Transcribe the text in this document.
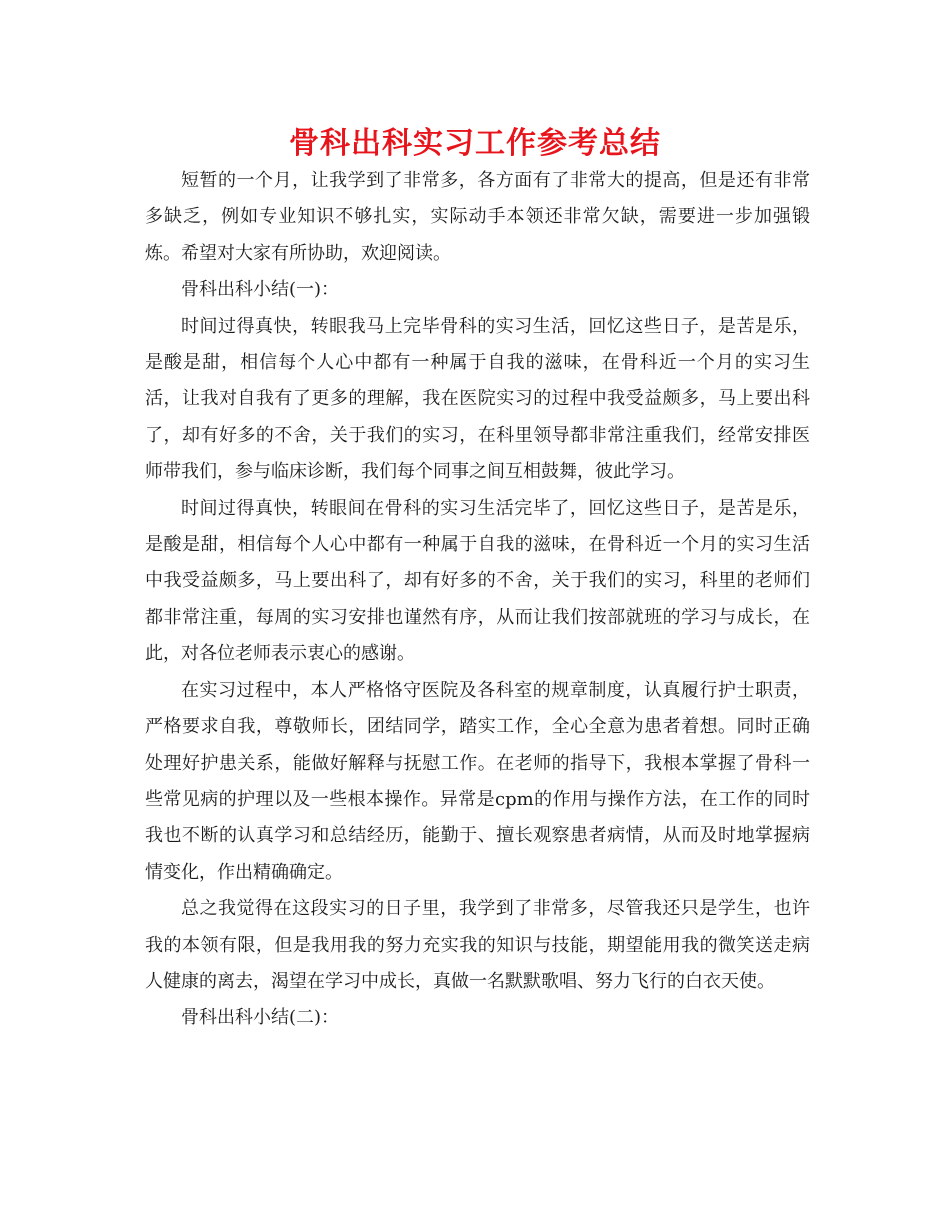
骨科出科实习工作参考总结

短暂的一个月，让我学到了非常多，各方面有了非常大的提高，但是还有非常多缺乏，例如专业知识不够扎实，实际动手本领还非常欠缺，需要进一步加强锻炼。希望对大家有所协助，欢迎阅读。

骨科出科小结(一)：

时间过得真快，转眼我马上完毕骨科的实习生活，回忆这些日子，是苦是乐，是酸是甜，相信每个人心中都有一种属于自我的滋味，在骨科近一个月的实习生活，让我对自我有了更多的理解，我在医院实习的过程中我受益颇多，马上要出科了，却有好多的不舍，关于我们的实习，在科里领导都非常注重我们，经常安排医师带我们，参与临床诊断，我们每个同事之间互相鼓舞，彼此学习。

时间过得真快，转眼间在骨科的实习生活完毕了，回忆这些日子，是苦是乐，是酸是甜，相信每个人心中都有一种属于自我的滋味，在骨科近一个月的实习生活中我受益颇多，马上要出科了，却有好多的不舍，关于我们的实习，科里的老师们都非常注重，每周的实习安排也谨然有序，从而让我们按部就班的学习与成长，在此，对各位老师表示衷心的感谢。

在实习过程中，本人严格恪守医院及各科室的规章制度，认真履行护士职责，严格要求自我，尊敬师长，团结同学，踏实工作，全心全意为患者着想。同时正确处理好护患关系，能做好解释与抚慰工作。在老师的指导下，我根本掌握了骨科一些常见病的护理以及一些根本操作。异常是cpm的作用与操作方法，在工作的同时我也不断的认真学习和总结经历，能勤于、擅长观察患者病情，从而及时地掌握病情变化，作出精确确定。

总之我觉得在这段实习的日子里，我学到了非常多，尽管我还只是学生，也许我的本领有限，但是我用我的努力充实我的知识与技能，期望能用我的微笑送走病人健康的离去，渴望在学习中成长，真做一名默默歌唱、努力飞行的白衣天使。

骨科出科小结(二)：
